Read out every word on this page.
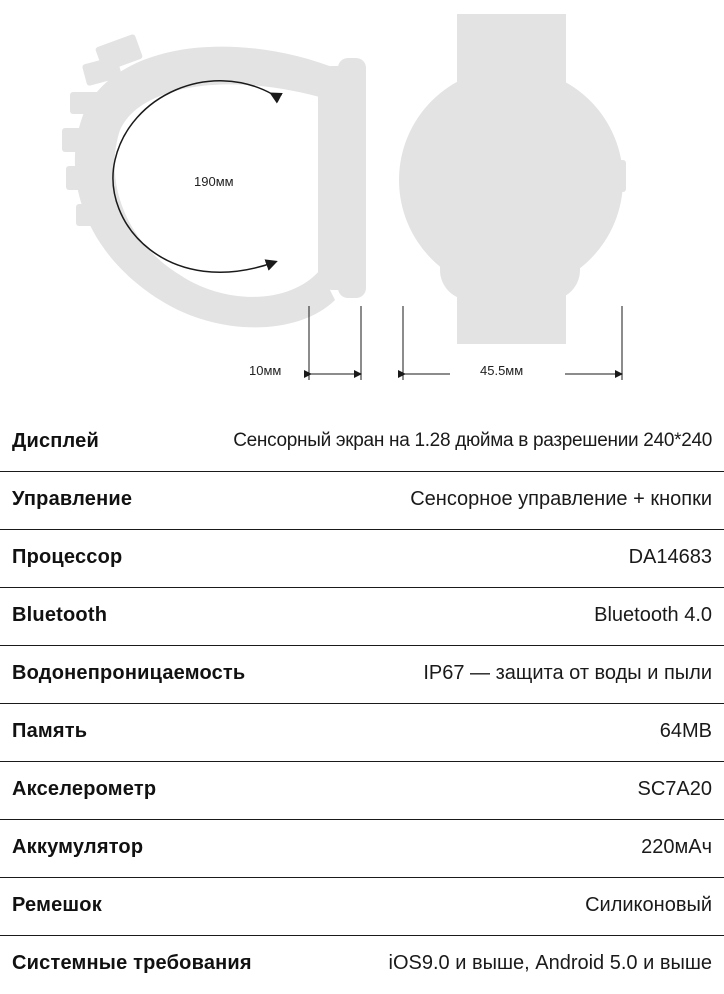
190мм
10мм	45.5мм
Дисплей	Сенсорный экран на 1.28 дюйма в разрешении 240*240
Управление	Сенсорное управление + кнопки
Процессор	DA14683
Bluetooth	Bluetooth 4.0
Водонепроницаемость	IP67 — защита от воды и пыли
Память	64MB
Акселерометр	SC7A20
Аккумулятор	220мАч
Ремешок	Силиконовый
Системные требования	iOS9.0 и выше, Android 5.0 и выше
